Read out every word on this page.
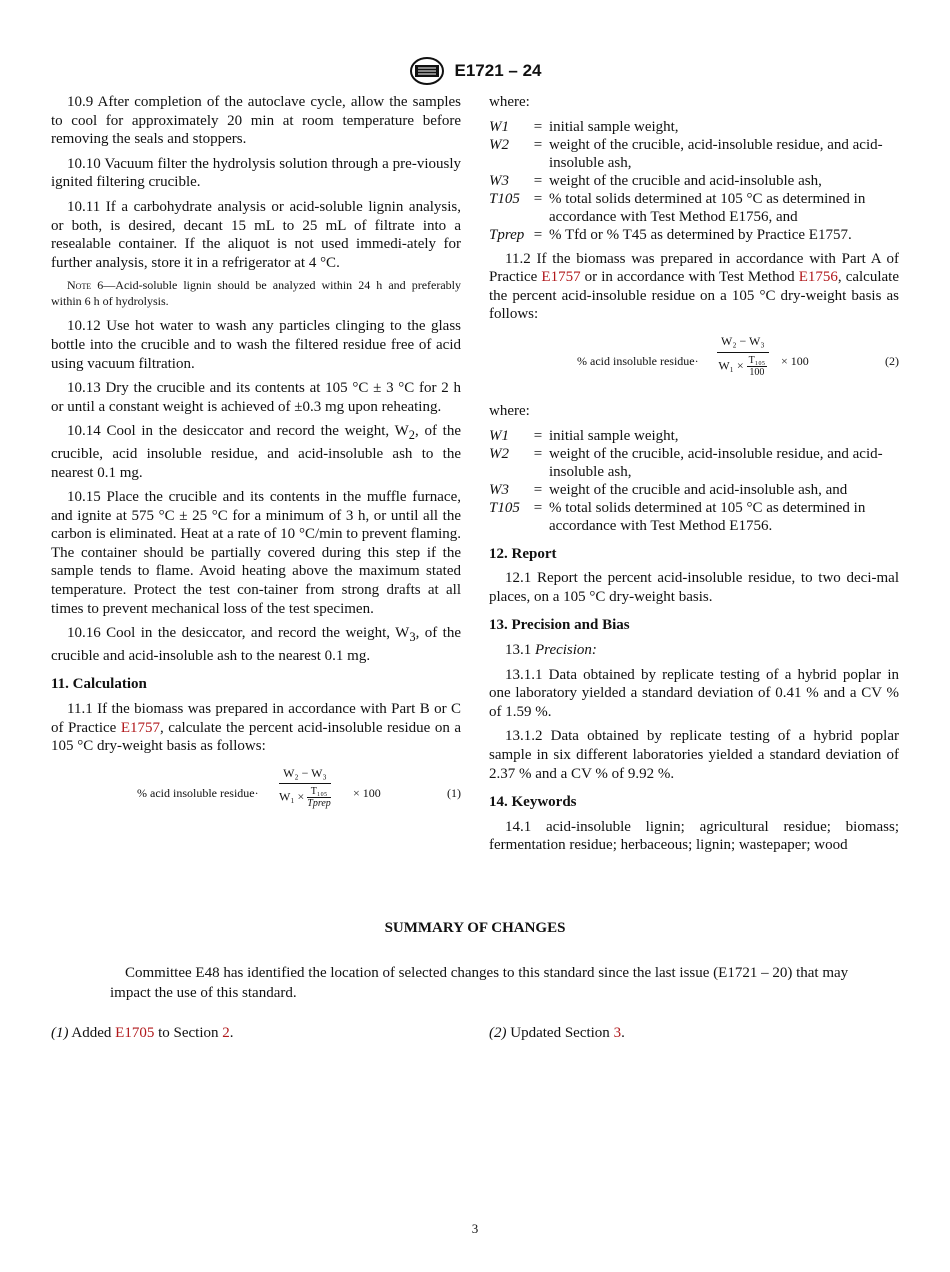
E1721 – 24

10.9 After completion of the autoclave cycle, allow the samples to cool for approximately 20 min at room temperature before removing the seals and stoppers.

10.10 Vacuum filter the hydrolysis solution through a pre-viously ignited filtering crucible.

10.11 If a carbohydrate analysis or acid-soluble lignin analysis, or both, is desired, decant 15 mL to 25 mL of filtrate into a resealable container. If the aliquot is not used immedi-ately for further analysis, store it in a refrigerator at 4 °C.

Note 6—Acid-soluble lignin should be analyzed within 24 h and preferably within 6 h of hydrolysis.

10.12 Use hot water to wash any particles clinging to the glass bottle into the crucible and to wash the filtered residue free of acid using vacuum filtration.

10.13 Dry the crucible and its contents at 105 °C ± 3 °C for 2 h or until a constant weight is achieved of ±0.3 mg upon reheating.

10.14 Cool in the desiccator and record the weight, $W_2$, of the crucible, acid insoluble residue, and acid-insoluble ash to the nearest 0.1 mg.

10.15 Place the crucible and its contents in the muffle furnace, and ignite at 575 °C ± 25 °C for a minimum of 3 h, or until all the carbon is eliminated. Heat at a rate of 10 °C/min to prevent flaming. The container should be partially covered during this step if the sample tends to flame. Avoid heating above the maximum stated temperature. Protect the test con-tainer from strong drafts at all times to prevent mechanical loss of the test specimen.

10.16 Cool in the desiccator, and record the weight, $W_3$, of the crucible and acid-insoluble ash to the nearest 0.1 mg.

11. Calculation

11.1 If the biomass was prepared in accordance with Part B or C of Practice E1757, calculate the percent acid-insoluble residue on a 105 °C dry-weight basis as follows:

% acid insoluble residue·
W₂ − W₃
$W_1 \times \frac{\text{T₁₀₅}}{\text{Tprep}} \times 100$	(1)

where:

W1	=	initial sample weight,
W2	=	weight of the crucible, acid-insoluble residue, and acid-insoluble ash,
W3	=	weight of the crucible and acid-insoluble ash,
T105	=	% total solids determined at 105 °C as determined in accordance with Test Method E1756, and
Tprep	=	% Tfd or % T45 as determined by Practice E1757.

11.2 If the biomass was prepared in accordance with Part A of Practice E1757 or in accordance with Test Method E1756, calculate the percent acid-insoluble residue on a 105 °C dry-weight basis as follows:

% acid insoluble residue· $\frac{\text{W₂ − W₃}}{W_1 \times \frac{\text{T₁₀₅}}{100}} \times 100$	(2)

where:

W1	=	initial sample weight,
W2	=	weight of the crucible, acid-insoluble residue, and acid-insoluble ash,
W3	=	weight of the crucible and acid-insoluble ash, and
T105	=	% total solids determined at 105 °C as determined in accordance with Test Method E1756.
12. Report

12.1 Report the percent acid-insoluble residue, to two deci-mal places, on a 105 °C dry-weight basis.

13. Precision and Bias

13.1 Precision:

13.1.1 Data obtained by replicate testing of a hybrid poplar in one laboratory yielded a standard deviation of 0.41 % and a CV % of 1.59 %.

13.1.2 Data obtained by replicate testing of a hybrid poplar sample in six different laboratories yielded a standard deviation of 2.37 % and a CV % of 9.92 %.

14. Keywords

14.1 acid-insoluble lignin; agricultural residue; biomass; fermentation residue; herbaceous; lignin; wastepaper; wood

SUMMARY OF CHANGES
Committee E48 has identified the location of selected changes to this standard since the last issue (E1721 – 20) that may impact the use of this standard.
(1) Added E1705 to Section 2.	(2) Updated Section 3.
3
